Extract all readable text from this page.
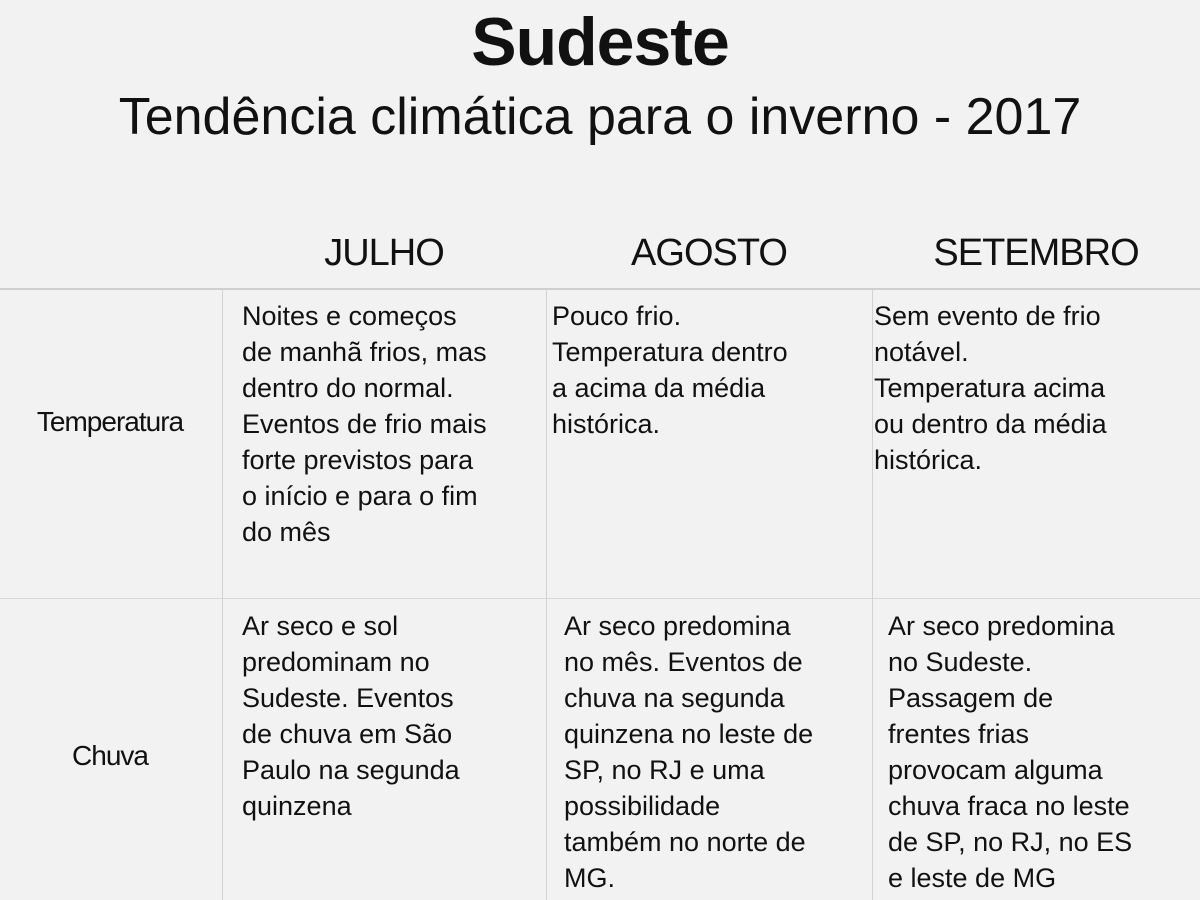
Sudeste
Tendência climática para o inverno - 2017
JULHO	AGOSTO	SETEMBRO
Temperatura
Noites e começos
de manhã frios, mas
dentro do normal.
Eventos de frio mais
forte previstos para
o início e para o fim
do mês
Pouco frio.
Temperatura dentro
a acima da média
histórica.
Sem evento de frio
notável.
Temperatura acima
ou dentro da média
histórica.
Chuva
Ar seco e sol
predominam no
Sudeste. Eventos
de chuva em São
Paulo na segunda
quinzena
Ar seco predomina
no mês. Eventos de
chuva na segunda
quinzena no leste de
SP, no RJ e uma
possibilidade
também no norte de
MG.
Ar seco predomina
no Sudeste.
Passagem de
frentes frias
provocam alguma
chuva fraca no leste
de SP, no RJ, no ES
e leste de MG
